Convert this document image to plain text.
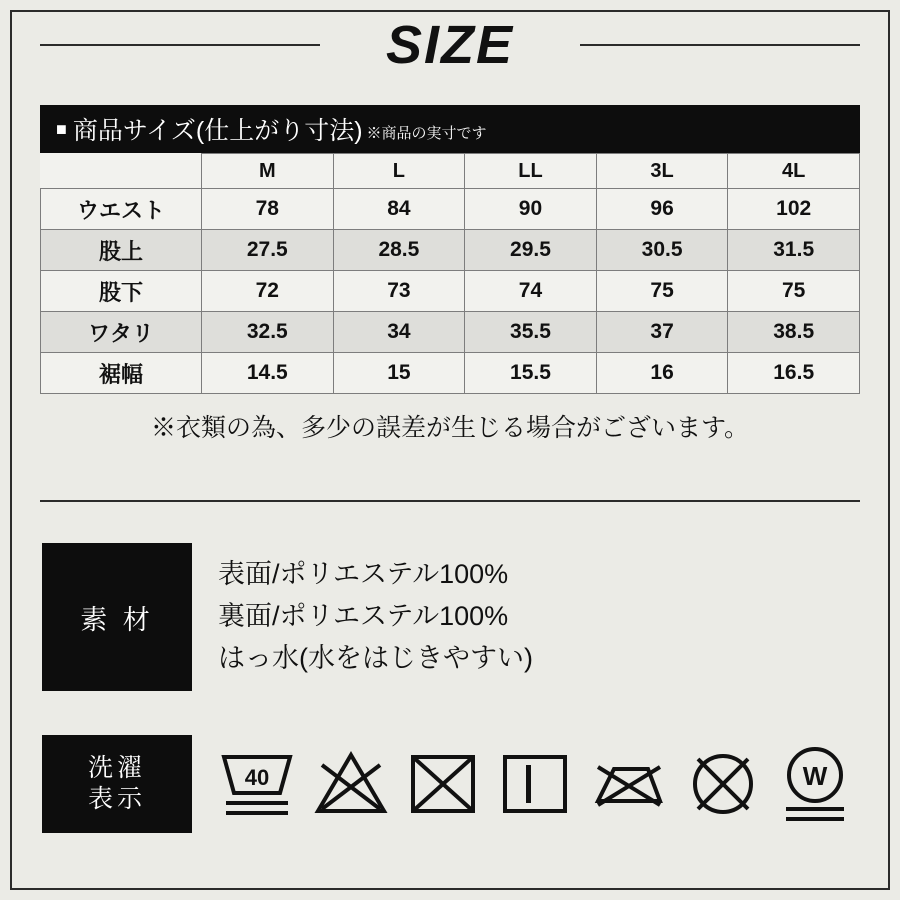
SIZE
■ 商品サイズ(仕上がり寸法) ※商品の実寸です
	M	L	LL	3L	4L
ウエスト	78	84	90	96	102
股上	27.5	28.5	29.5	30.5	31.5
股下	72	73	74	75	75
ワタリ	32.5	34	35.5	37	38.5
裾幅	14.5	15	15.5	16	16.5
※衣類の為、多少の誤差が生じる場合がございます。
素 材
表面/ポリエステル100%
裏面/ポリエステル100%
はっ水(水をはじきやすい)
洗濯
表示
40	W
